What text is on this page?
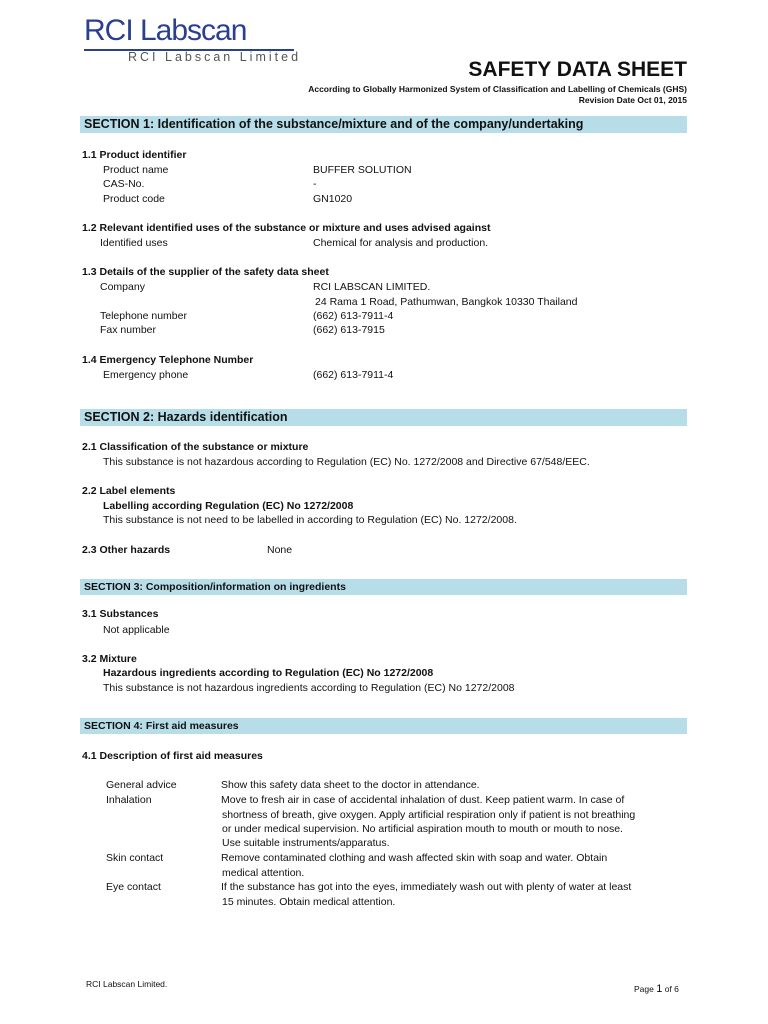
RCI Labscan
RCI Labscan Limited
SAFETY DATA SHEET
According to Globally Harmonized System of Classification and Labelling of Chemicals (GHS)
Revision Date Oct 01, 2015
SECTION 1: Identification of the substance/mixture and of the company/undertaking
1.1 Product identifier
Product name	BUFFER SOLUTION
CAS-No.	-
Product code	GN1020
1.2 Relevant identified uses of the substance or mixture and uses advised against
Identified uses	Chemical for analysis and production.
1.3 Details of the supplier of the safety data sheet
Company	RCI LABSCAN LIMITED.
24 Rama 1 Road, Pathumwan, Bangkok 10330 Thailand
Telephone number	(662) 613-7911-4
Fax number	(662) 613-7915
1.4 Emergency Telephone Number
Emergency phone	(662) 613-7911-4
SECTION 2: Hazards identification
2.1 Classification of the substance or mixture
This substance is not hazardous according to Regulation (EC) No. 1272/2008 and Directive 67/548/EEC.
2.2 Label elements
Labelling according Regulation (EC) No 1272/2008
This substance is not need to be labelled in according to Regulation (EC) No. 1272/2008.
2.3 Other hazards	None
SECTION 3: Composition/information on ingredients
3.1 Substances
Not applicable
3.2 Mixture
Hazardous ingredients according to Regulation (EC) No 1272/2008
This substance is not hazardous ingredients according to Regulation (EC) No 1272/2008
SECTION 4: First aid measures
4.1 Description of first aid measures
General advice	Show this safety data sheet to the doctor in attendance.
Inhalation	Move to fresh air in case of accidental inhalation of dust. Keep patient warm. In case of
shortness of breath, give oxygen. Apply artificial respiration only if patient is not breathing
or under medical supervision. No artificial aspiration mouth to mouth or mouth to nose.
Use suitable instruments/apparatus.
Skin contact	Remove contaminated clothing and wash affected skin with soap and water. Obtain
medical attention.
Eye contact	If the substance has got into the eyes, immediately wash out with plenty of water at least
15 minutes. Obtain medical attention.
RCI Labscan Limited.	Page 1 of 6
